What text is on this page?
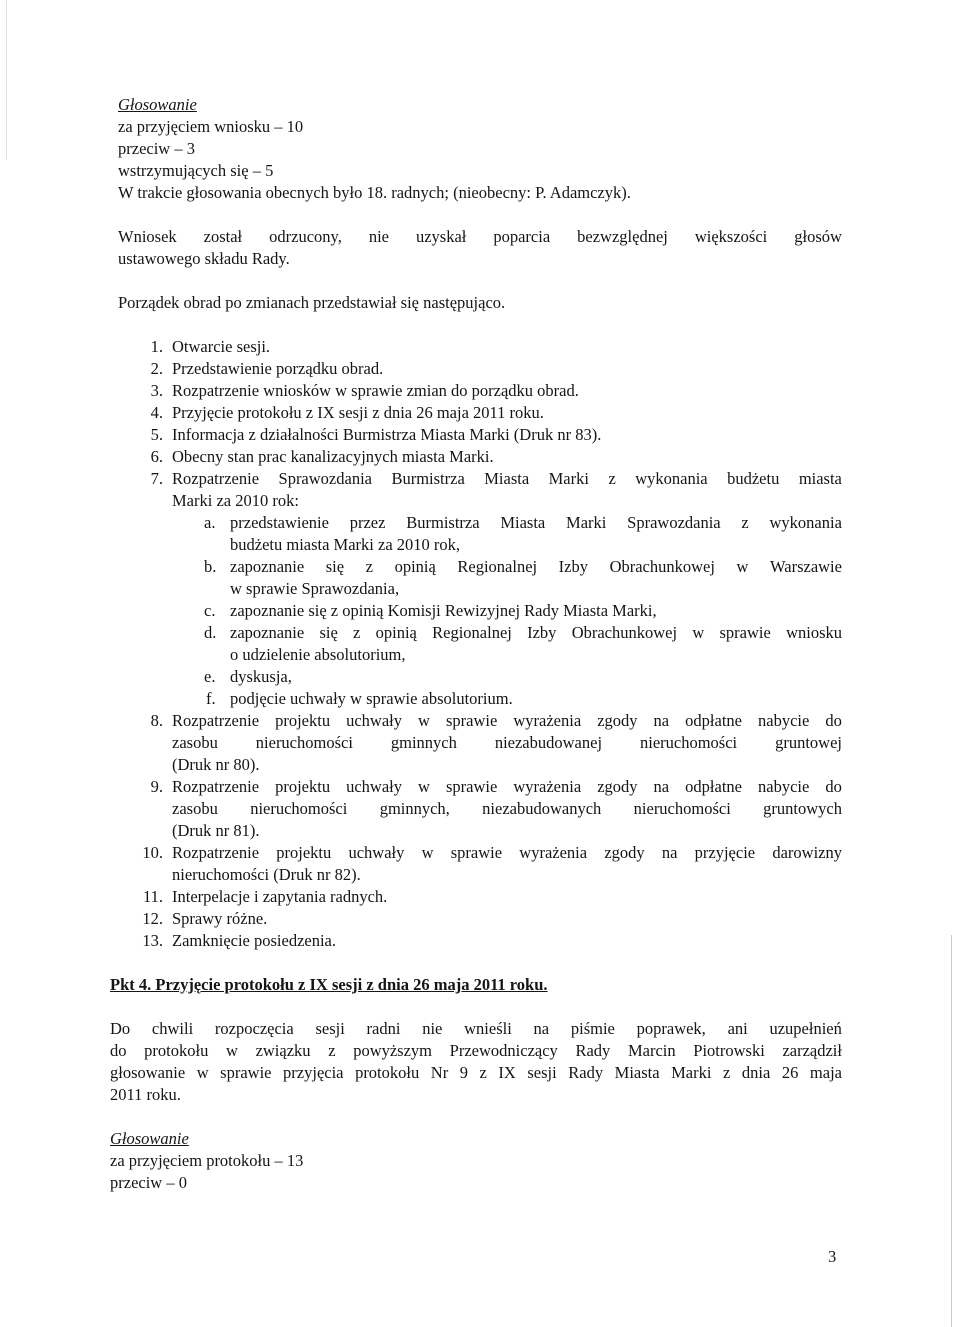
Głosowanie
za przyjęciem wniosku – 10
przeciw – 3
wstrzymujących się – 5
W trakcie głosowania obecnych było 18. radnych; (nieobecny: P. Adamczyk).
Wniosek został odrzucony, nie uzyskał poparcia bezwzględnej większości głosów
ustawowego składu Rady.
Porządek obrad po zmianach przedstawiał się następująco.
1. Otwarcie sesji.
2. Przedstawienie porządku obrad.
3. Rozpatrzenie wniosków w sprawie zmian do porządku obrad.
4. Przyjęcie protokołu z IX sesji z dnia 26 maja 2011 roku.
5. Informacja z działalności Burmistrza Miasta Marki (Druk nr 83).
6. Obecny stan prac kanalizacyjnych miasta Marki.
7. Rozpatrzenie Sprawozdania Burmistrza Miasta Marki z wykonania budżetu miasta
Marki za 2010 rok:
a. przedstawienie przez Burmistrza Miasta Marki Sprawozdania z wykonania
budżetu miasta Marki za 2010 rok,
b. zapoznanie się z opinią Regionalnej Izby Obrachunkowej w Warszawie
w sprawie Sprawozdania,
c. zapoznanie się z opinią Komisji Rewizyjnej Rady Miasta Marki,
d. zapoznanie się z opinią Regionalnej Izby Obrachunkowej w sprawie wniosku
o udzielenie absolutorium,
e. dyskusja,
f. podjęcie uchwały w sprawie absolutorium.
8. Rozpatrzenie projektu uchwały w sprawie wyrażenia zgody na odpłatne nabycie do
zasobu nieruchomości gminnych niezabudowanej nieruchomości gruntowej
(Druk nr 80).
9. Rozpatrzenie projektu uchwały w sprawie wyrażenia zgody na odpłatne nabycie do
zasobu nieruchomości gminnych, niezabudowanych nieruchomości gruntowych
(Druk nr 81).
10. Rozpatrzenie projektu uchwały w sprawie wyrażenia zgody na przyjęcie darowizny
nieruchomości (Druk nr 82).
11. Interpelacje i zapytania radnych.
12. Sprawy różne.
13. Zamknięcie posiedzenia.
Pkt 4. Przyjęcie protokołu z IX sesji z dnia 26 maja 2011 roku.
Do chwili rozpoczęcia sesji radni nie wnieśli na piśmie poprawek, ani uzupełnień
do protokołu w związku z powyższym Przewodniczący Rady Marcin Piotrowski zarządził
głosowanie w sprawie przyjęcia protokołu Nr 9 z IX sesji Rady Miasta Marki z dnia 26 maja
2011 roku.
Głosowanie
za przyjęciem protokołu – 13
przeciw – 0
3
